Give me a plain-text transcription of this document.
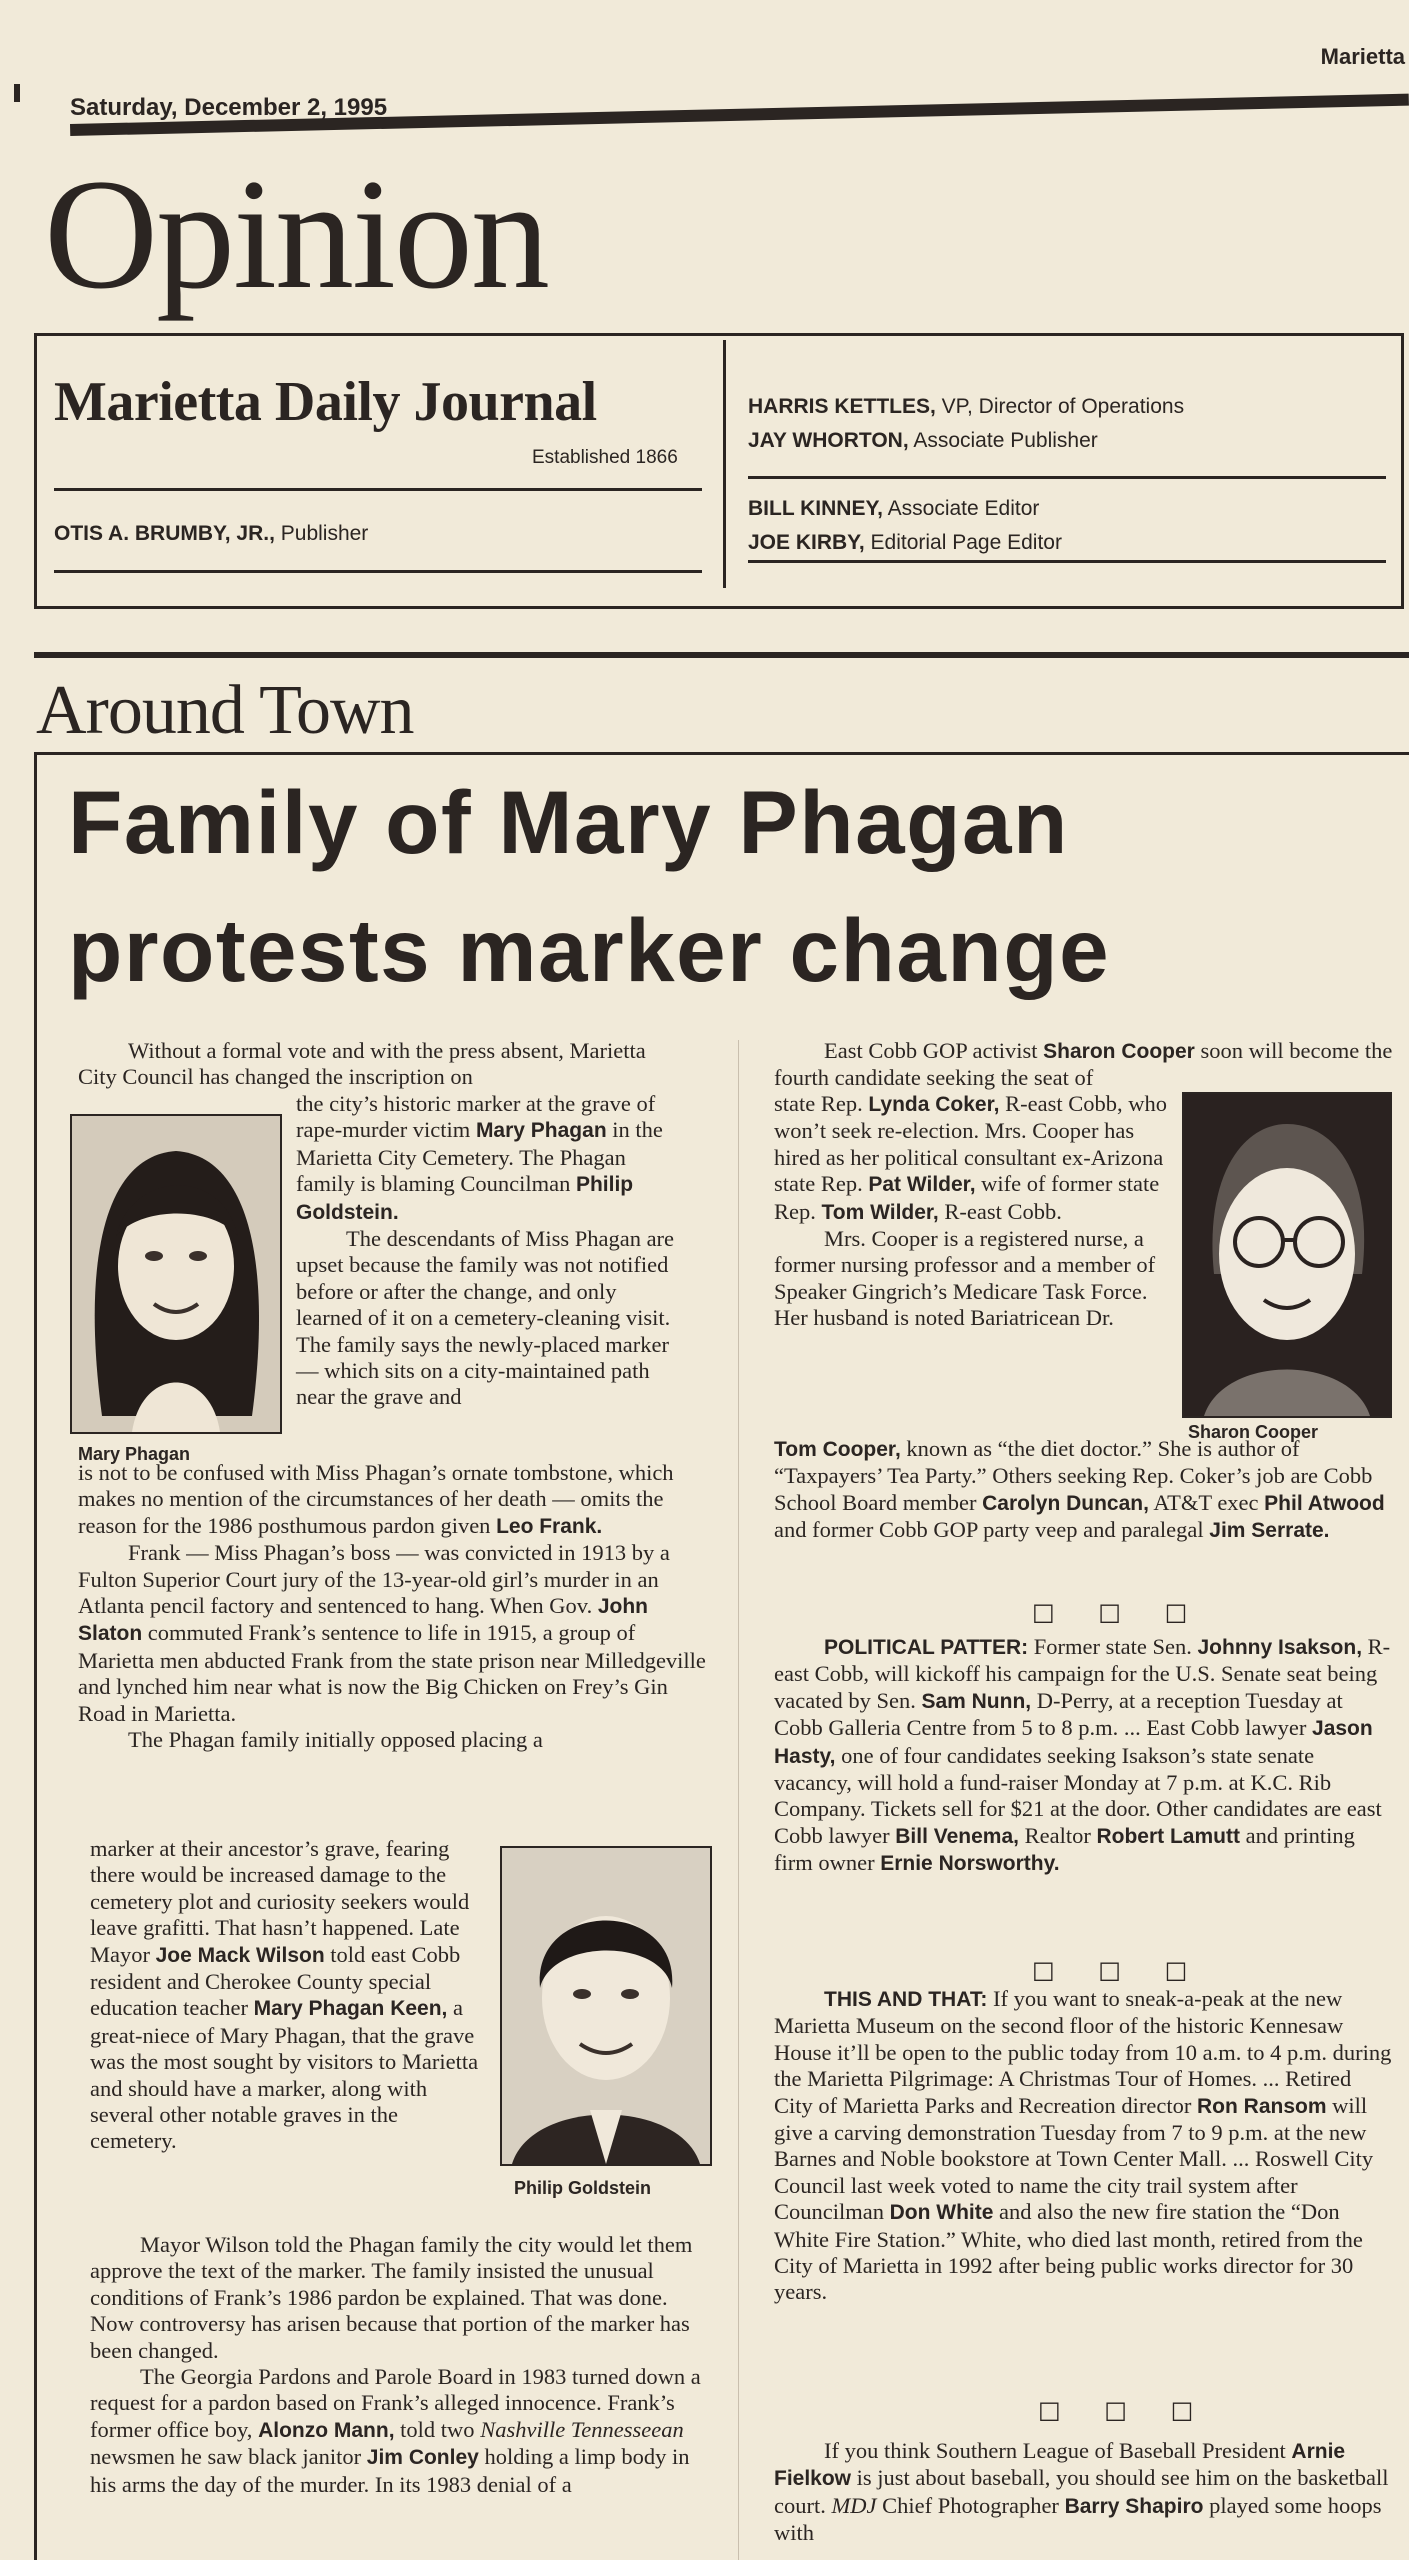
Marietta
Saturday, December 2, 1995
Opinion
Marietta Daily Journal
Established 1866
OTIS A. BRUMBY, JR., Publisher
HARRIS KETTLES, VP, Director of Operations
JAY WHORTON, Associate Publisher
BILL KINNEY, Associate Editor
JOE KIRBY, Editorial Page Editor
Around Town
Family of Mary Phagan
protests marker change
Mary Phagan
Sharon Cooper
Philip Goldstein

Without a formal vote and with the press absent, Marietta City Council has changed the inscription on

the city’s historic marker at the grave of rape-murder victim Mary Phagan in the Marietta City Cemetery. The Phagan family is blaming Councilman Philip Goldstein.

The descendants of Miss Phagan are upset because the family was not notified before or after the change, and only learned of it on a cemetery-cleaning visit. The family says the newly-placed marker — which sits on a city-maintained path near the grave and

is not to be confused with Miss Phagan’s ornate tombstone, which makes no mention of the circumstances of her death — omits the reason for the 1986 posthumous pardon given Leo Frank.

Frank — Miss Phagan’s boss — was convicted in 1913 by a Fulton Superior Court jury of the 13-year-old girl’s murder in an Atlanta pencil factory and sentenced to hang. When Gov. John Slaton commuted Frank’s sentence to life in 1915, a group of Marietta men abducted Frank from the state prison near Milledgeville and lynched him near what is now the Big Chicken on Frey’s Gin Road in Marietta.

The Phagan family initially opposed placing a

marker at their ancestor’s grave, fearing there would be increased damage to the cemetery plot and curiosity seekers would leave grafitti. That hasn’t happened. Late Mayor Joe Mack Wilson told east Cobb resident and Cherokee County special education teacher Mary Phagan Keen, a great-niece of Mary Phagan, that the grave was the most sought by visitors to Marietta and should have a marker, along with several other notable graves in the cemetery.

Mayor Wilson told the Phagan family the city would let them approve the text of the marker. The family insisted the unusual conditions of Frank’s 1986 pardon be explained. That was done. Now controversy has arisen because that portion of the marker has been changed.

The Georgia Pardons and Parole Board in 1983 turned down a request for a pardon based on Frank’s alleged innocence. Frank’s former office boy, Alonzo Mann, told two Nashville Tennesseean newsmen he saw black janitor Jim Conley holding a limp body in his arms the day of the murder. In its 1983 denial of a

East Cobb GOP activist Sharon Cooper soon will become the fourth candidate seeking the seat of

state Rep. Lynda Coker, R-east Cobb, who won’t seek re-election. Mrs. Cooper has hired as her political consultant ex-Arizona state Rep. Pat Wilder, wife of former state Rep. Tom Wilder, R-east Cobb.

Mrs. Cooper is a registered nurse, a former nursing professor and a member of Speaker Gingrich’s Medicare Task Force. Her husband is noted Bariatricean Dr.

Tom Cooper, known as “the diet doctor.” She is author of “Taxpayers’ Tea Party.” Others seeking Rep. Coker’s job are Cobb School Board member Carolyn Duncan, AT&T exec Phil Atwood and former Cobb GOP party veep and paralegal Jim Serrate.

□ □ □

POLITICAL PATTER: Former state Sen. Johnny Isakson, R-east Cobb, will kickoff his campaign for the U.S. Senate seat being vacated by Sen. Sam Nunn, D-Perry, at a reception Tuesday at Cobb Galleria Centre from 5 to 8 p.m. ... East Cobb lawyer Jason Hasty, one of four candidates seeking Isakson’s state senate vacancy, will hold a fund-raiser Monday at 7 p.m. at K.C. Rib Company. Tickets sell for $21 at the door. Other candidates are east Cobb lawyer Bill Venema, Realtor Robert Lamutt and printing firm owner Ernie Norsworthy.

□ □ □

THIS AND THAT: If you want to sneak-a-peak at the new Marietta Museum on the second floor of the historic Kennesaw House it’ll be open to the public today from 10 a.m. to 4 p.m. during the Marietta Pilgrimage: A Christmas Tour of Homes. ... Retired City of Marietta Parks and Recreation director Ron Ransom will give a carving demonstration Tuesday from 7 to 9 p.m. at the new Barnes and Noble bookstore at Town Center Mall. ... Roswell City Council last week voted to name the city trail system after Councilman Don White and also the new fire station the “Don White Fire Station.” White, who died last month, retired from the City of Marietta in 1992 after being public works director for 30 years.

□ □ □

If you think Southern League of Baseball President Arnie Fielkow is just about baseball, you should see him on the basketball court. MDJ Chief Photographer Barry Shapiro played some hoops with
